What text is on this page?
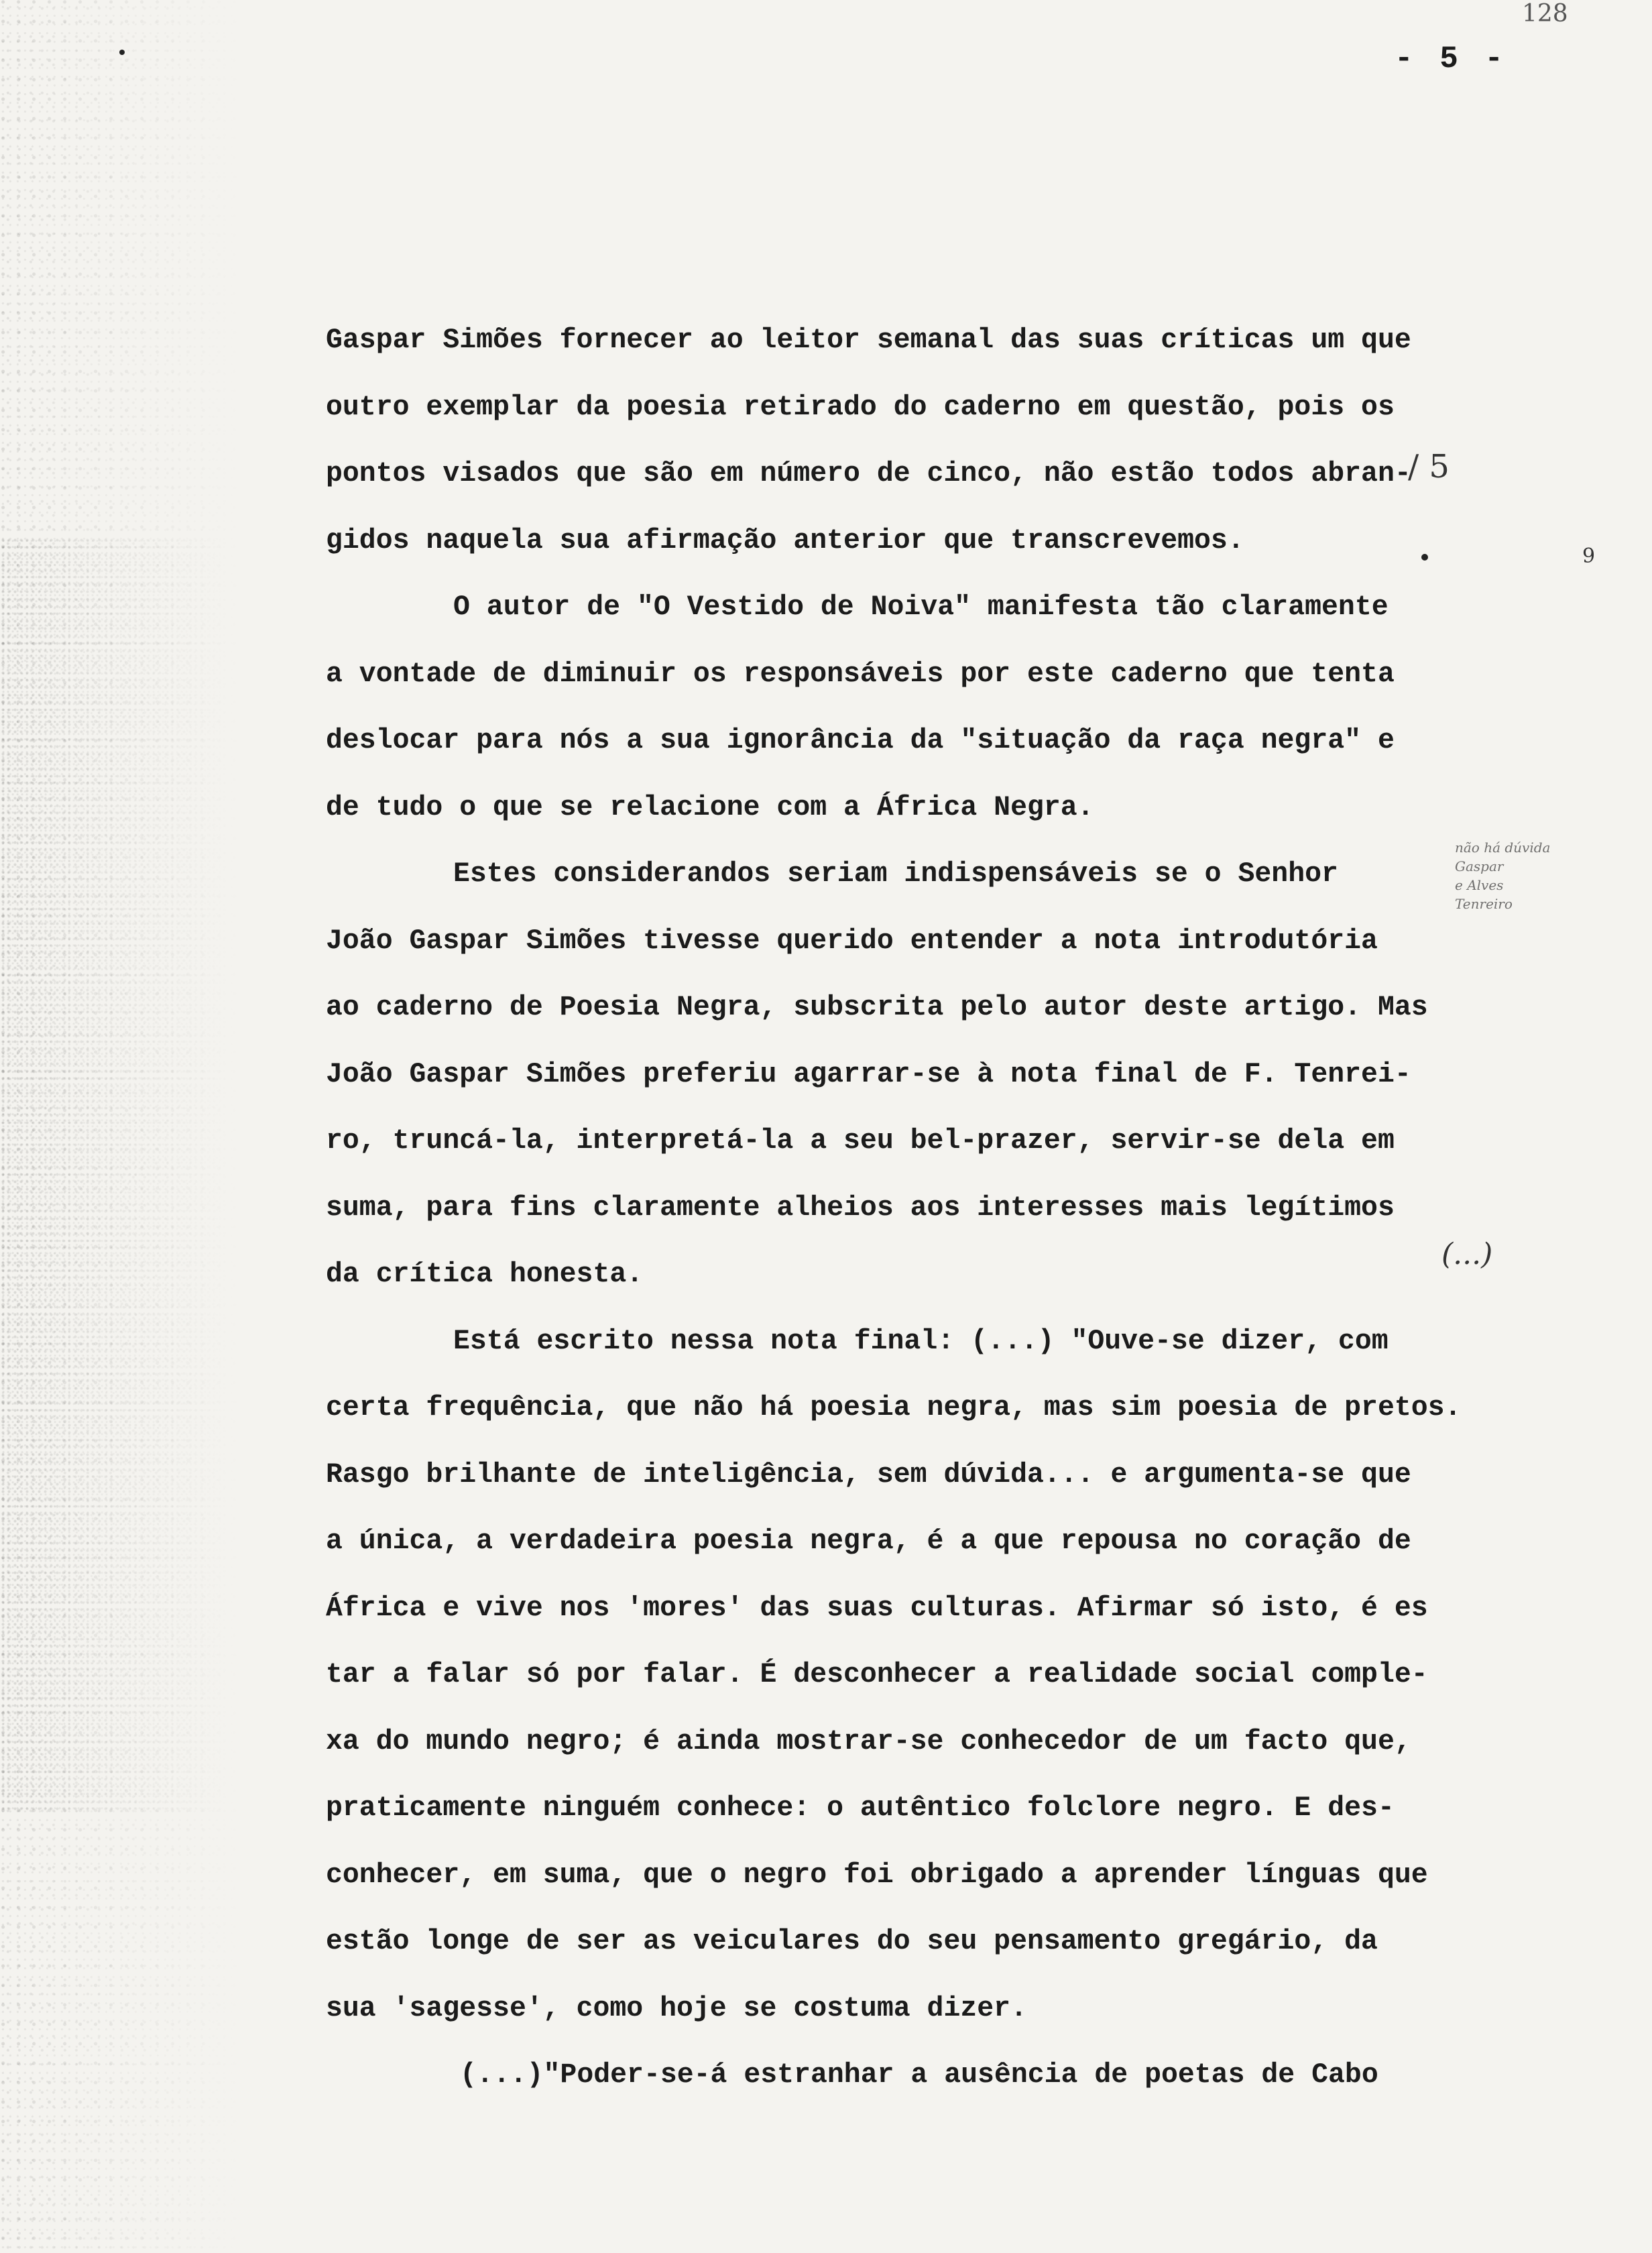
128
- 5 -
Gaspar Simões fornecer ao leitor semanal das suas críticas um que
outro exemplar da poesia retirado do caderno em questão, pois os
pontos visados que são em número de cinco, não estão todos abran-
gidos naquela sua afirmação anterior que transcrevemos.
O autor de "O Vestido de Noiva" manifesta tão claramente
a vontade de diminuir os responsáveis por este caderno que tenta
deslocar para nós a sua ignorância da "situação da raça negra" e
de tudo o que se relacione com a África Negra.
Estes considerandos seriam indispensáveis se o Senhor
João Gaspar Simões tivesse querido entender a nota introdutória
ao caderno de Poesia Negra, subscrita pelo autor deste artigo. Mas
João Gaspar Simões preferiu agarrar-se à nota final de F. Tenrei-
ro, truncá-la, interpretá-la a seu bel-prazer, servir-se dela em
suma, para fins claramente alheios aos interesses mais legítimos
da crítica honesta.
Está escrito nessa nota final: (...) "Ouve-se dizer, com
certa frequência, que não há poesia negra, mas sim poesia de pretos.
Rasgo brilhante de inteligência, sem dúvida... e argumenta-se que
a única, a verdadeira poesia negra, é a que repousa no coração de
África e vive nos 'mores' das suas culturas. Afirmar só isto, é es
tar a falar só por falar. É desconhecer a realidade social comple-
xa do mundo negro; é ainda mostrar-se conhecedor de um facto que,
praticamente ninguém conhece: o autêntico folclore negro. E des-
conhecer, em suma, que o negro foi obrigado a aprender línguas que
estão longe de ser as veiculares do seu pensamento gregário, da
sua 'sagesse', como hoje se costuma dizer.
(...)"Poder-se-á estranhar a ausência de poetas de Cabo
/ 5
9
(...)
não há dúvida
Gaspar
e Alves
Tenreiro
